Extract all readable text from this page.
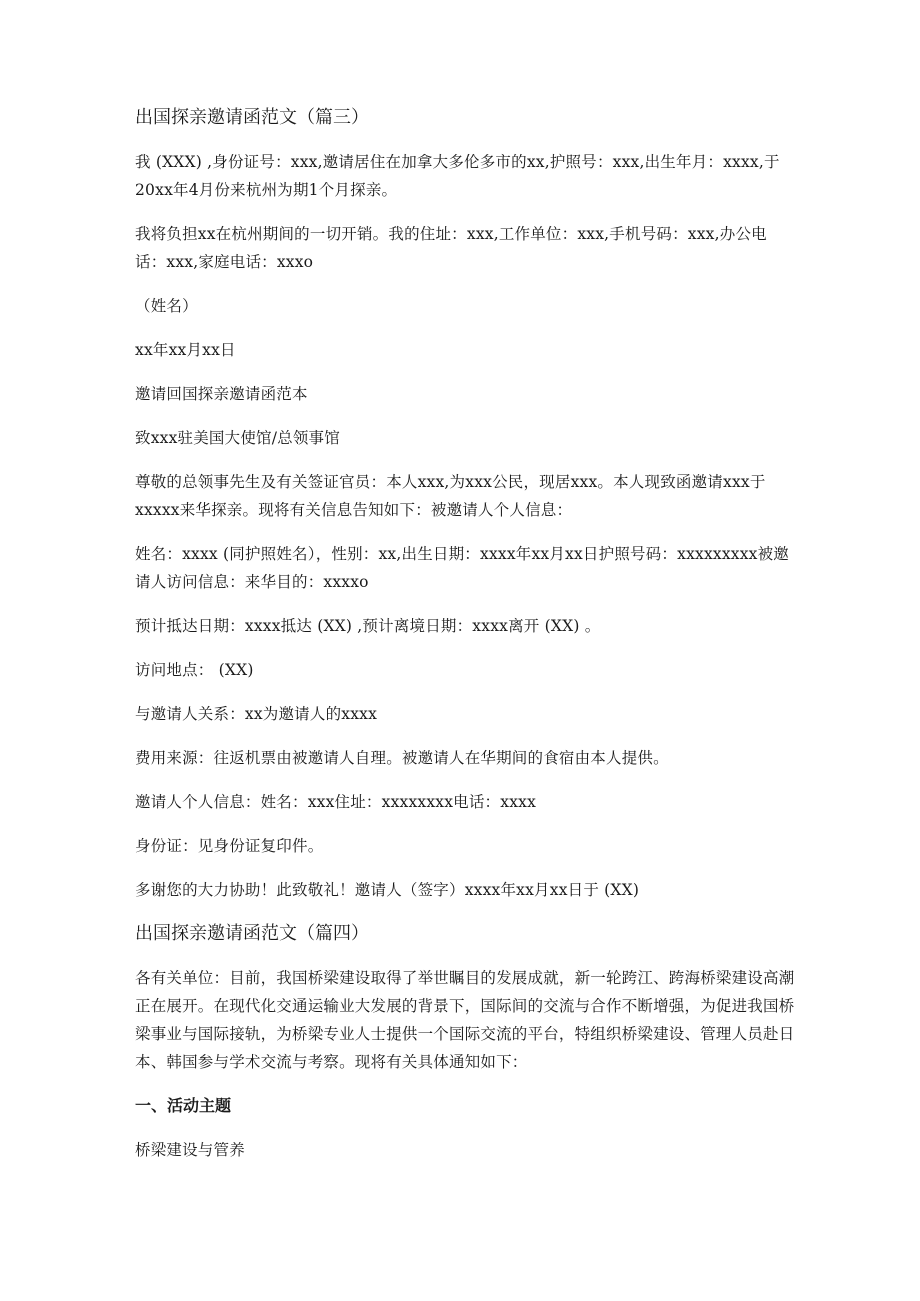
出国探亲邀请函范文（篇三）
我 (XXX) ,身份证号：xxx,邀请居住在加拿大多伦多市的xx,护照号：xxx,出生年月：xxxx,于20xx年4月份来杭州为期1个月探亲。
我将负担xx在杭州期间的一切开销。我的住址：xxx,工作单位：xxx,手机号码：xxx,办公电话：xxx,家庭电话：xxxo
（姓名）
xx年xx月xx日
邀请回国探亲邀请函范本
致xxx驻美国大使馆/总领事馆
尊敬的总领事先生及有关签证官员：本人xxx,为xxx公民，现居xxx。本人现致函邀请xxx于xxxxx来华探亲。现将有关信息告知如下：被邀请人个人信息：
姓名：xxxx (同护照姓名），性别：xx,出生日期：xxxx年xx月xx日护照号码：xxxxxxxxx被邀请人访问信息：来华目的：xxxxo
预计抵达日期：xxxx抵达 (XX) ,预计离境日期：xxxx离开 (XX) 。
访问地点： (XX)
与邀请人关系：xx为邀请人的xxxx
费用来源：往返机票由被邀请人自理。被邀请人在华期间的食宿由本人提供。
邀请人个人信息：姓名：xxx住址：xxxxxxxx电话：xxxx
身份证：见身份证复印件。
多谢您的大力协助！此致敬礼！邀请人（签字）xxxx年xx月xx日于 (XX)
出国探亲邀请函范文（篇四）
各有关单位：目前，我国桥梁建设取得了举世瞩目的发展成就，新一轮跨江、跨海桥梁建设高潮正在展开。在现代化交通运输业大发展的背景下，国际间的交流与合作不断增强，为促进我国桥梁事业与国际接轨，为桥梁专业人士提供一个国际交流的平台，特组织桥梁建设、管理人员赴日本、韩国参与学术交流与考察。现将有关具体通知如下：
一、活动主题
桥梁建设与管养
